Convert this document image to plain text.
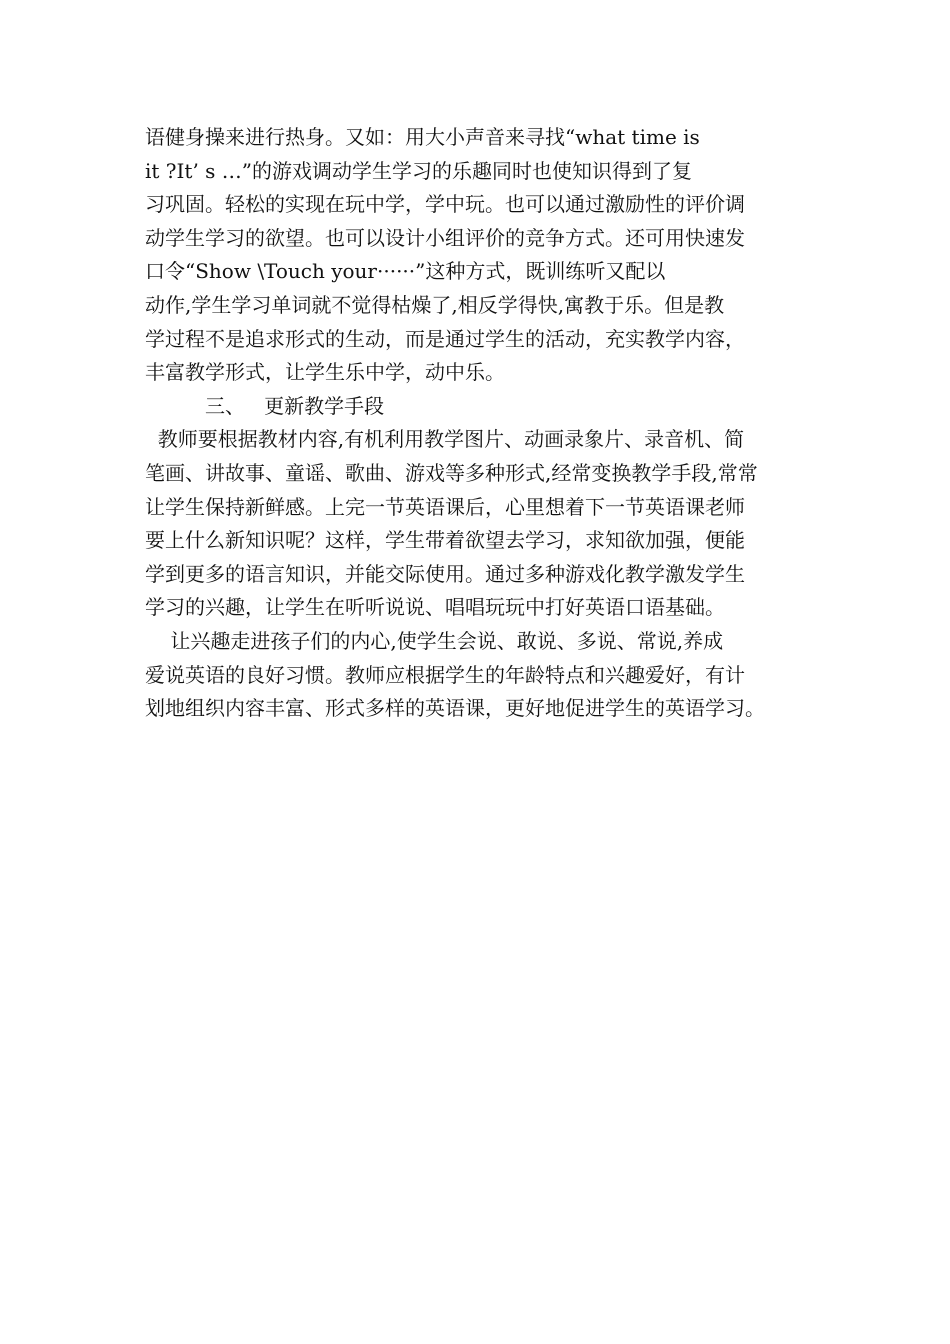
语健身操来进行热身。又如：用大小声音来寻找“what time is
it ?It’ s …”的游戏调动学生学习的乐趣同时也使知识得到了复
习巩固。轻松的实现在玩中学，学中玩。也可以通过激励性的评价调
动学生学习的欲望。也可以设计小组评价的竞争方式。还可用快速发
口令“Show \Touch your······”这种方式，既训练听又配以
动作,学生学习单词就不觉得枯燥了,相反学得快,寓教于乐。但是教
学过程不是追求形式的生动，而是通过学生的活动，充实教学内容，
丰富教学形式，让学生乐中学，动中乐。
三、   更新教学手段
教师要根据教材内容,有机利用教学图片、动画录象片、录音机、简
笔画、讲故事、童谣、歌曲、游戏等多种形式,经常变换教学手段,常常
让学生保持新鲜感。上完一节英语课后，心里想着下一节英语课老师
要上什么新知识呢？这样，学生带着欲望去学习，求知欲加强，便能
学到更多的语言知识，并能交际使用。通过多种游戏化教学激发学生
学习的兴趣，让学生在听听说说、唱唱玩玩中打好英语口语基础。
让兴趣走进孩子们的内心,使学生会说、敢说、多说、常说,养成
爱说英语的良好习惯。教师应根据学生的年龄特点和兴趣爱好，有计
划地组织内容丰富、形式多样的英语课，更好地促进学生的英语学习。
